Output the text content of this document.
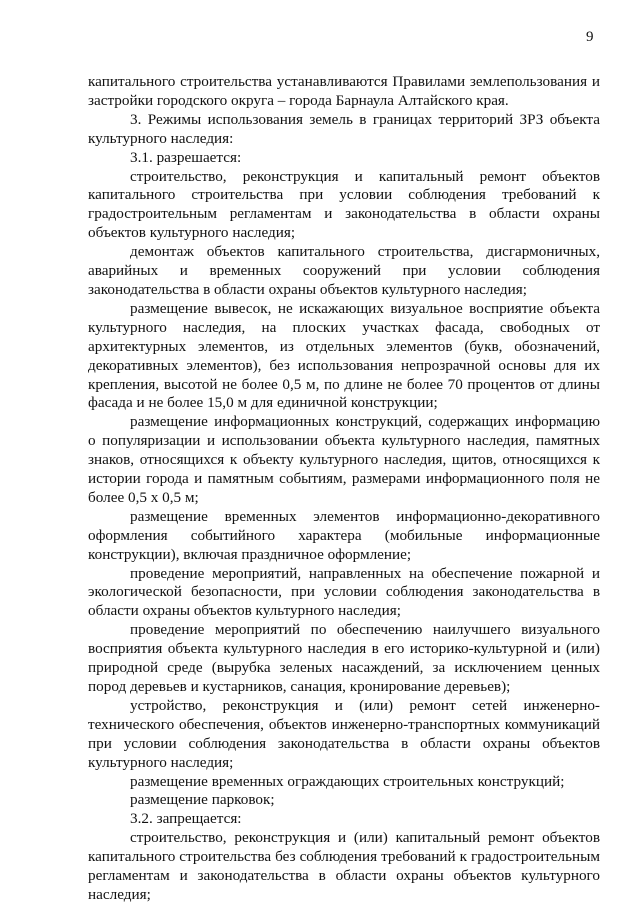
9

капитального строительства устанавливаются Правилами землепользования и застройки городского округа – города Барнаула Алтайского края.

3. Режимы использования земель в границах территорий ЗРЗ объекта культурного наследия:

3.1. разрешается:

строительство, реконструкция и капитальный ремонт объектов капитального строительства при условии соблюдения требований к градостроительным регламентам и законодательства в области охраны объектов культурного наследия;

демонтаж объектов капитального строительства, дисгармоничных, аварийных и временных сооружений при условии соблюдения законодательства в области охраны объектов культурного наследия;

размещение вывесок, не искажающих визуальное восприятие объекта культурного наследия, на плоских участках фасада, свободных от архитектурных элементов, из отдельных элементов (букв, обозначений, декоративных элементов), без использования непрозрачной основы для их крепления, высотой не более 0,5 м, по длине не более 70 процентов от длины фасада и не более 15,0 м для единичной конструкции;

размещение информационных конструкций, содержащих информацию о популяризации и использовании объекта культурного наследия, памятных знаков, относящихся к объекту культурного наследия, щитов, относящихся к истории города и памятным событиям, размерами информационного поля не более 0,5 х 0,5 м;

размещение временных элементов информационно-декоративного оформления событийного характера (мобильные информационные конструкции), включая праздничное оформление;

проведение мероприятий, направленных на обеспечение пожарной и экологической безопасности, при условии соблюдения законодательства в области охраны объектов культурного наследия;

проведение мероприятий по обеспечению наилучшего визуального восприятия объекта культурного наследия в его историко-культурной и (или) природной среде (вырубка зеленых насаждений, за исключением ценных пород деревьев и кустарников, санация, кронирование деревьев);

устройство, реконструкция и (или) ремонт сетей инженерно-технического обеспечения, объектов инженерно-транспортных коммуникаций при условии соблюдения законодательства в области охраны объектов культурного наследия;

размещение временных ограждающих строительных конструкций;

размещение парковок;

3.2. запрещается:

строительство, реконструкция и (или) капитальный ремонт объектов капитального строительства без соблюдения требований к градостроительным регламентам и законодательства в области охраны объектов культурного наследия;
